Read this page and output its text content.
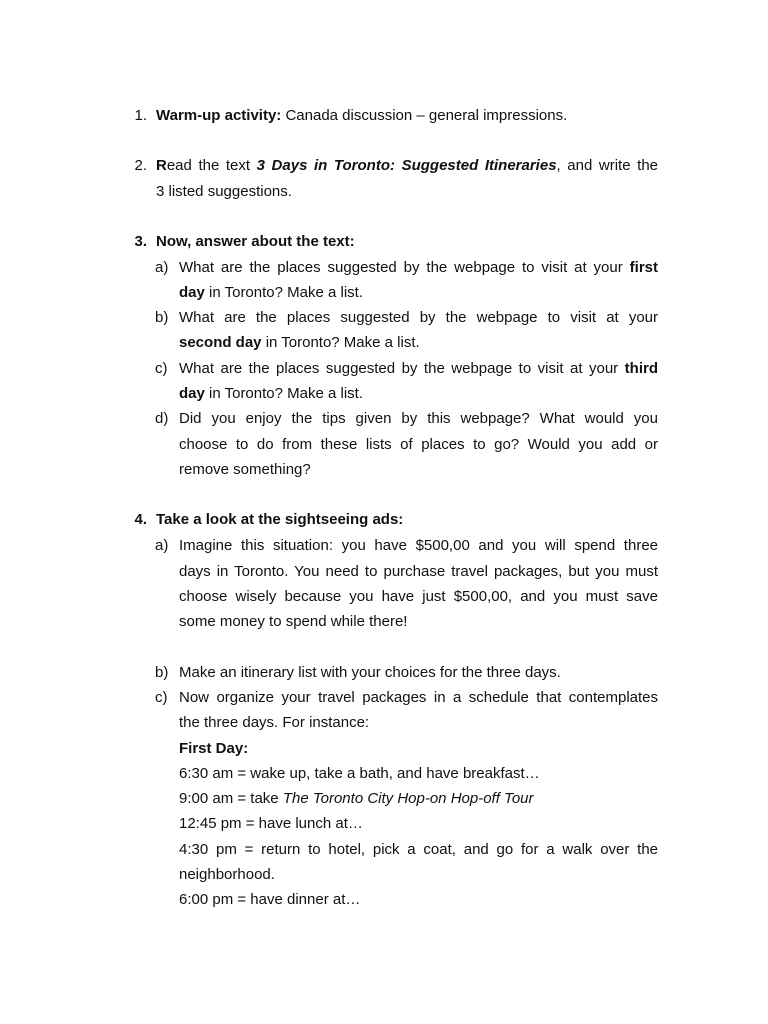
1. Warm-up activity: Canada discussion – general impressions.

2. Read the text 3 Days in Toronto: Suggested Itineraries, and write the

3 listed suggestions.

3. Now, answer about the text:

a) What are the places suggested by the webpage to visit at your first

day in Toronto? Make a list.

b) What are the places suggested by the webpage to visit at your

second day in Toronto? Make a list.

c) What are the places suggested by the webpage to visit at your third

day in Toronto? Make a list.

d) Did you enjoy the tips given by this webpage? What would you

choose to do from these lists of places to go? Would you add or

remove something?

4. Take a look at the sightseeing ads:

a) Imagine this situation: you have $500,00 and you will spend three

days in Toronto. You need to purchase travel packages, but you must

choose wisely because you have just $500,00, and you must save

some money to spend while there!

b) Make an itinerary list with your choices for the three days.

c) Now organize your travel packages in a schedule that contemplates

the three days. For instance:

First Day:

6:30 am = wake up, take a bath, and have breakfast…

9:00 am = take The Toronto City Hop-on Hop-off Tour

12:45 pm = have lunch at…

4:30 pm = return to hotel, pick a coat, and go for a walk over the

neighborhood.

6:00 pm = have dinner at…
